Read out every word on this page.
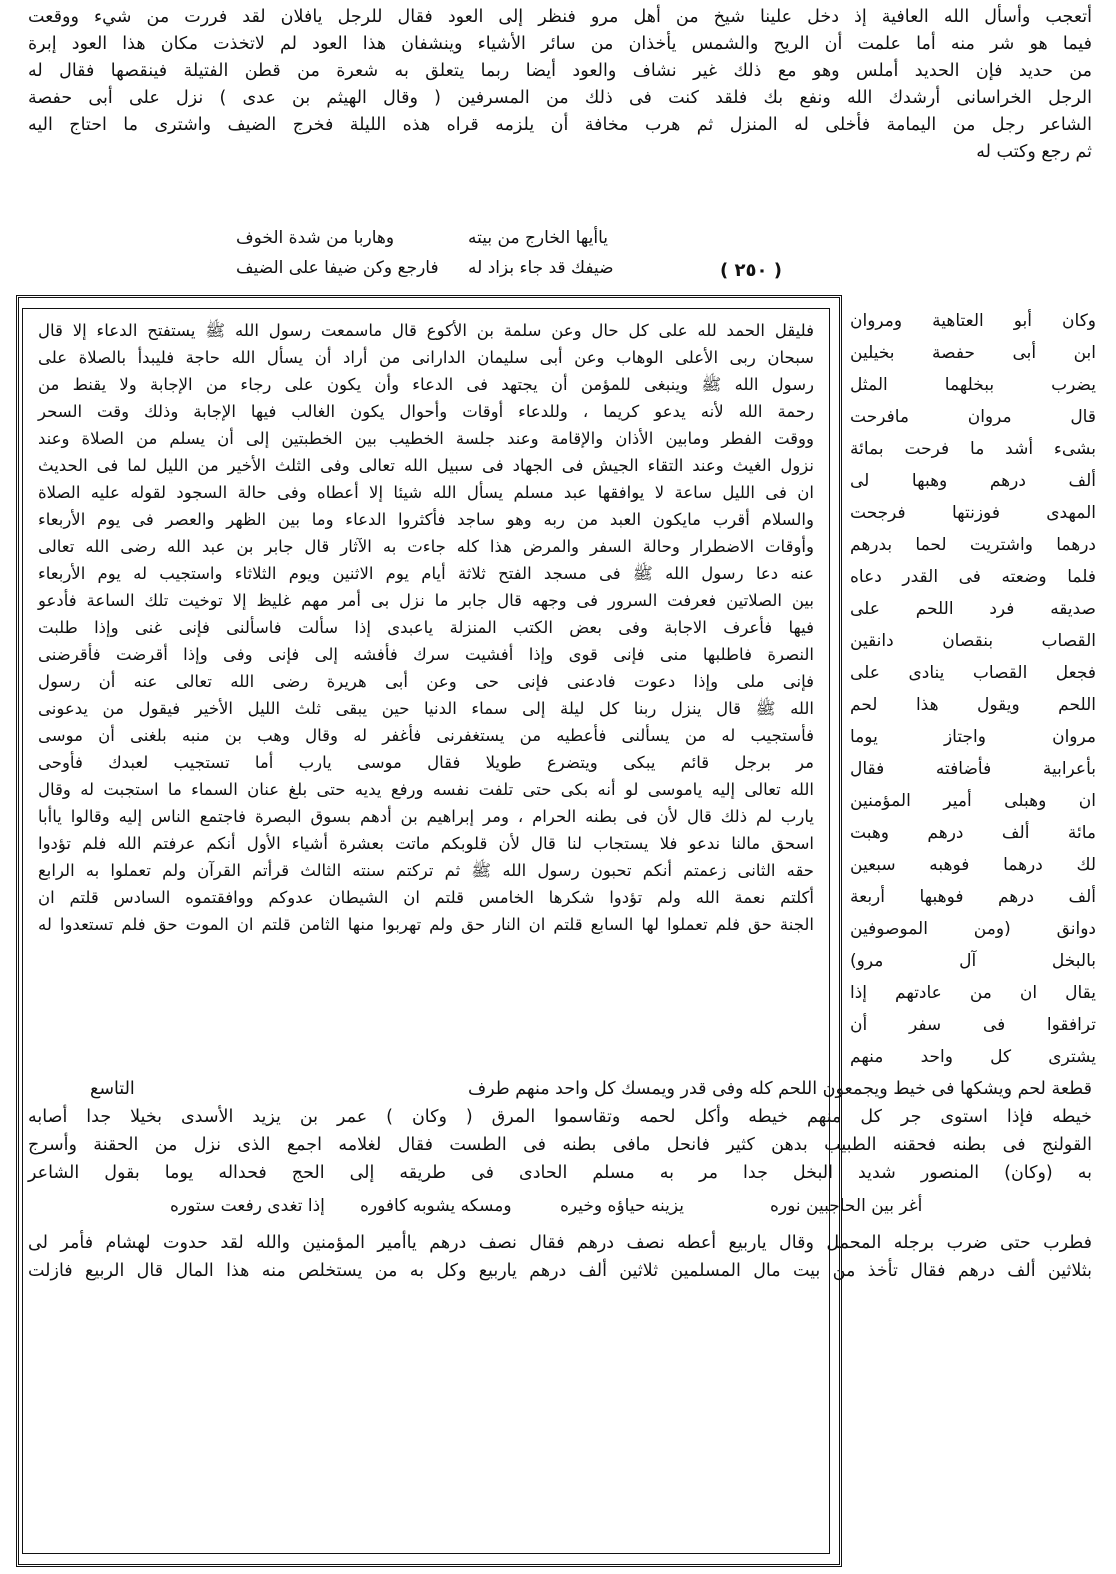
أتعجب وأسأل الله العافية إذ دخل علينا شيخ من أهل مرو فنظر إلى العود فقال للرجل يافلان لقد فررت من شيء ووقعت
فيما هو شر منه أما علمت أن الريح والشمس يأخذان من سائر الأشياء وينشفان هذا العود لم لاتخذت مكان هذا العود إبرة
من حديد فإن الحديد أملس وهو مع ذلك غير نشاف والعود أيضا ربما يتعلق به شعرة من قطن الفتيلة فينقصها فقال له
الرجل الخراسانى أرشدك الله ونفع بك فلقد كنت فى ذلك من المسرفين ( وقال الهيثم بن عدى ) نزل على أبى حفصة
الشاعر رجل من اليمامة فأخلى له المنزل ثم هرب مخافة أن يلزمه قراه هذه الليلة فخرج الضيف واشترى ما احتاج اليه
ثم رجع وكتب له
ياأيها الخارج من بيته
وهاربا من شدة الخوف
ضيفك قد جاء بزاد له
فارجع وكن ضيفا على الضيف	( ٢٥٠ )
فليقل الحمد لله على كل حال وعن سلمة بن الأكوع قال ماسمعت رسول الله ﷺ يستفتح الدعاء إلا قال
سبحان ربى الأعلى الوهاب وعن أبى سليمان الدارانى من أراد أن يسأل الله حاجة فليبدأ بالصلاة على
رسول الله ﷺ وينبغى للمؤمن أن يجتهد فى الدعاء وأن يكون على رجاء من الإجابة ولا يقنط من
رحمة الله لأنه يدعو كريما ، وللدعاء أوقات وأحوال يكون الغالب فيها الإجابة وذلك وقت السحر
ووقت الفطر ومابين الأذان والإقامة وعند جلسة الخطيب بين الخطبتين إلى أن يسلم من الصلاة وعند
نزول الغيث وعند التقاء الجيش فى الجهاد فى سبيل الله تعالى وفى الثلث الأخير من الليل لما فى الحديث
ان فى الليل ساعة لا يوافقها عبد مسلم يسأل الله شيئا إلا أعطاه وفى حالة السجود لقوله عليه الصلاة
والسلام أقرب مايكون العبد من ربه وهو ساجد فأكثروا الدعاء وما بين الظهر والعصر فى يوم الأربعاء
وأوقات الاضطرار وحالة السفر والمرض هذا كله جاءت به الآثار قال جابر بن عبد الله رضى الله تعالى
عنه دعا رسول الله ﷺ فى مسجد الفتح ثلاثة أيام يوم الاثنين ويوم الثلاثاء واستجيب له يوم الأربعاء
بين الصلاتين فعرفت السرور فى وجهه قال جابر ما نزل بى أمر مهم غليظ إلا توخيت تلك الساعة فأدعو
فيها فأعرف الاجابة وفى بعض الكتب المنزلة ياعبدى إذا سألت فاسألنى فإنى غنى وإذا طلبت
النصرة فاطلبها منى فإنى قوى وإذا أفشيت سرك فأفشه إلى فإنى وفى وإذا أقرضت فأقرضنى
فإنى ملى وإذا دعوت فادعنى فإنى حى وعن أبى هريرة رضى الله تعالى عنه أن رسول
الله ﷺ قال ينزل ربنا كل ليلة إلى سماء الدنيا حين يبقى ثلث الليل الأخير فيقول من يدعونى
فأستجيب له من يسألنى فأعطيه من يستغفرنى فأغفر له وقال وهب بن منبه بلغنى أن موسى
مر برجل قائم يبكى ويتضرع طويلا فقال موسى يارب أما تستجيب لعبدك فأوحى
الله تعالى إليه ياموسى لو أنه بكى حتى تلفت نفسه ورفع يديه حتى بلغ عنان السماء ما استجبت له وقال
يارب لم ذلك قال لأن فى بطنه الحرام ، ومر إبراهيم بن أدهم بسوق البصرة فاجتمع الناس إليه وقالوا ياأبا
اسحق مالنا ندعو فلا يستجاب لنا قال لأن قلوبكم ماتت بعشرة أشياء الأول أنكم عرفتم الله فلم تؤدوا
حقه الثانى زعمتم أنكم تحبون رسول الله ﷺ ثم تركتم سنته الثالث قرأتم القرآن ولم تعملوا به الرابع
أكلتم نعمة الله ولم تؤدوا شكرها الخامس قلتم ان الشيطان عدوكم ووافقتموه السادس قلتم ان
الجنة حق فلم تعملوا لها السابع قلتم ان النار حق ولم تهربوا منها الثامن قلتم ان الموت حق فلم تستعدوا له
وكان أبو العتاهية ومروان
ابن أبى حفصة بخيلين
يضرب ببخلهما المثل
قال مروان مافرحت
بشىء أشد ما فرحت بمائة
ألف درهم وهبها لى
المهدى فوزنتها فرجحت
درهما واشتريت لحما بدرهم
فلما وضعته فى القدر دعاه
صديقه فرد اللحم على
القصاب بنقصان دانقين
فجعل القصاب ينادى على
اللحم ويقول هذا لحم
مروان واجتاز يوما
بأعرابية فأضافته فقال
ان وهبلى أمير المؤمنين
مائة ألف درهم وهبت
لك درهما فوهبه سبعين
ألف درهم فوهبها أربعة
دوانق (ومن الموصوفين
بالبخل آل مرو)
يقال ان من عادتهم إذا
ترافقوا فى سفر أن
يشترى كل واحد منهم
قطعة لحم ويشكها فى خيط ويجمعون اللحم كله وفى قدر ويمسك كل واحد منهم طرف
التاسع
خيطه فإذا استوى جر كل منهم خيطه وأكل لحمه وتقاسموا المرق ( وكان ) عمر بن يزيد الأسدى بخيلا جدا أصابه
القولنج فى بطنه فحقنه الطبيب بدهن كثير فانحل مافى بطنه فى الطست فقال لغلامه اجمع الذى نزل من الحقنة وأسرج
به (وكان) المنصور شديد البخل جدا مر به مسلم الحادى فى طريقه إلى الحج فحداله يوما بقول الشاعر
أغر بين الحاجبين نوره
يزينه حياؤه وخيره
ومسكه يشوبه كافوره
إذا تغدى رفعت ستوره
فطرب حتى ضرب برجله المحمل وقال ياربيع أعطه نصف درهم فقال نصف درهم ياأمير المؤمنين والله لقد حدوت لهشام فأمر لى
بثلاثين ألف درهم فقال تأخذ من بيت مال المسلمين ثلاثين ألف درهم ياربيع وكل به من يستخلص منه هذا المال قال الربيع فازلت
